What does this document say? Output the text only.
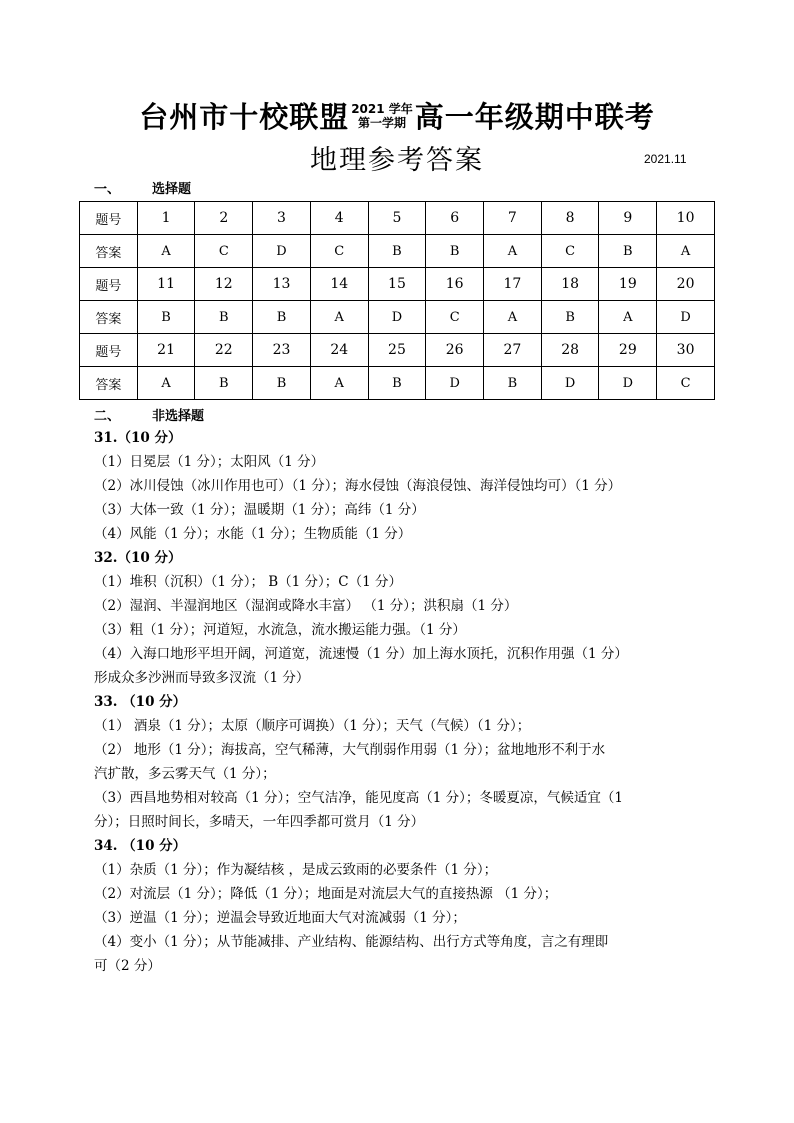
台州市十校联盟 2021 学年
第一学期 高一年级期中联考
地理参考答案	2021.11
一、 选择题
题号	1	2	3	4	5	6	7	8	9	10
答案	A	C	D	C	B	B	A	C	B	A
题号	11	12	13	14	15	16	17	18	19	20
答案	B	B	B	A	D	C	A	B	A	D
题号	21	22	23	24	25	26	27	28	29	30
答案	A	B	B	A	B	D	B	D	D	C
二、 非选择题

31.（10 分）

（1）日冕层（1 分）；太阳风（1 分）

（2）冰川侵蚀（冰川作用也可）（1 分）；海水侵蚀（海浪侵蚀、海洋侵蚀均可）（1 分）

（3）大体一致（1 分）；温暖期（1 分）；高纬（1 分）

（4）风能（1 分）；水能（1 分）；生物质能（1 分）

32.（10 分）

（1）堆积（沉积）（1 分）； B（1 分）；C（1 分）

（2）湿润、半湿润地区（湿润或降水丰富） （1 分）；洪积扇（1 分）

（3）粗（1 分）；河道短，水流急，流水搬运能力强。（1 分）

（4）入海口地形平坦开阔，河道宽，流速慢（1 分）加上海水顶托，沉积作用强（1 分）

形成众多沙洲而导致多汊流（1 分）

33. （10 分）

（1） 酒泉（1 分）；太原（顺序可调换）（1 分）；天气（气候）（1 分）；

（2） 地形（1 分）；海拔高，空气稀薄，大气削弱作用弱（1 分）；盆地地形不利于水

汽扩散，多云雾天气（1 分）；

（3）西昌地势相对较高（1 分）；空气洁净，能见度高（1 分）；冬暖夏凉，气候适宜（1

分）；日照时间长，多晴天，一年四季都可赏月（1 分）

34. （10 分）

（1）杂质（1 分）；作为凝结核 ，是成云致雨的必要条件（1 分）；

（2）对流层（1 分）；降低（1 分）；地面是对流层大气的直接热源 （1 分）；

（3）逆温（1 分）；逆温会导致近地面大气对流减弱（1 分）；

（4）变小（1 分）；从节能减排、产业结构、能源结构、出行方式等角度，言之有理即

可（2 分）
